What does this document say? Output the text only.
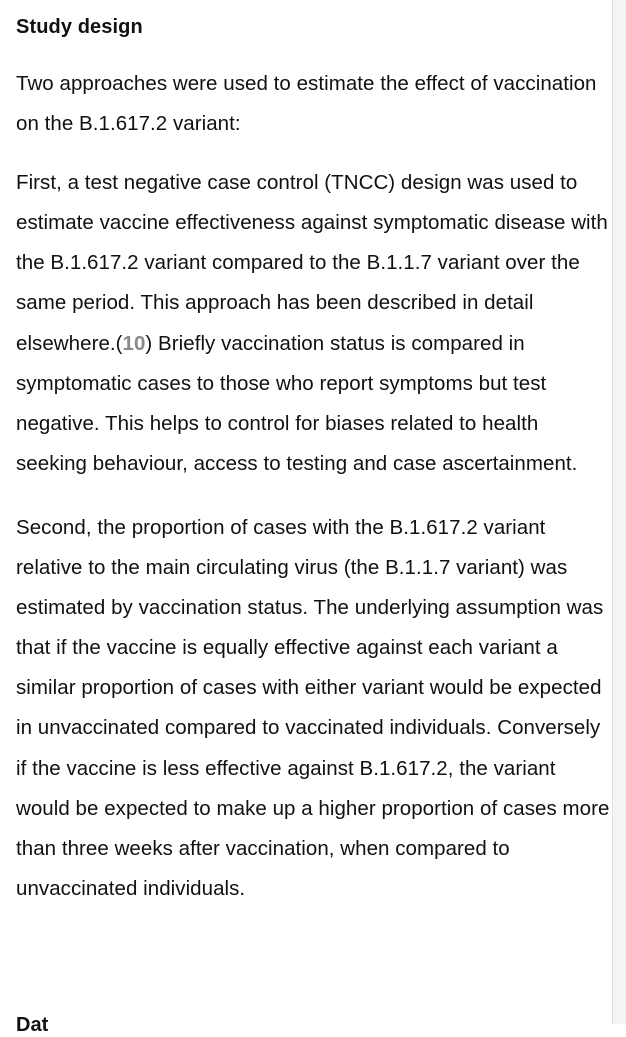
Study design

Two approaches were used to estimate the effect of vaccination on the B.1.617.2 variant:

First, a test negative case control (TNCC) design was used to estimate vaccine effectiveness against symptomatic disease with the B.1.617.2 variant compared to the B.1.1.7 variant over the same period. This approach has been described in detail elsewhere.(10) Briefly vaccination status is compared in symptomatic cases to those who report symptoms but test negative. This helps to control for biases related to health seeking behaviour, access to testing and case ascertainment.

Second, the proportion of cases with the B.1.617.2 variant relative to the main circulating virus (the B.1.1.7 variant) was estimated by vaccination status. The underlying assumption was that if the vaccine is equally effective against each variant a similar proportion of cases with either variant would be expected in unvaccinated compared to vaccinated individuals. Conversely if the vaccine is less effective against B.1.617.2, the variant would be expected to make up a higher proportion of cases more than three weeks after vaccination, when compared to unvaccinated individuals.

Dat
